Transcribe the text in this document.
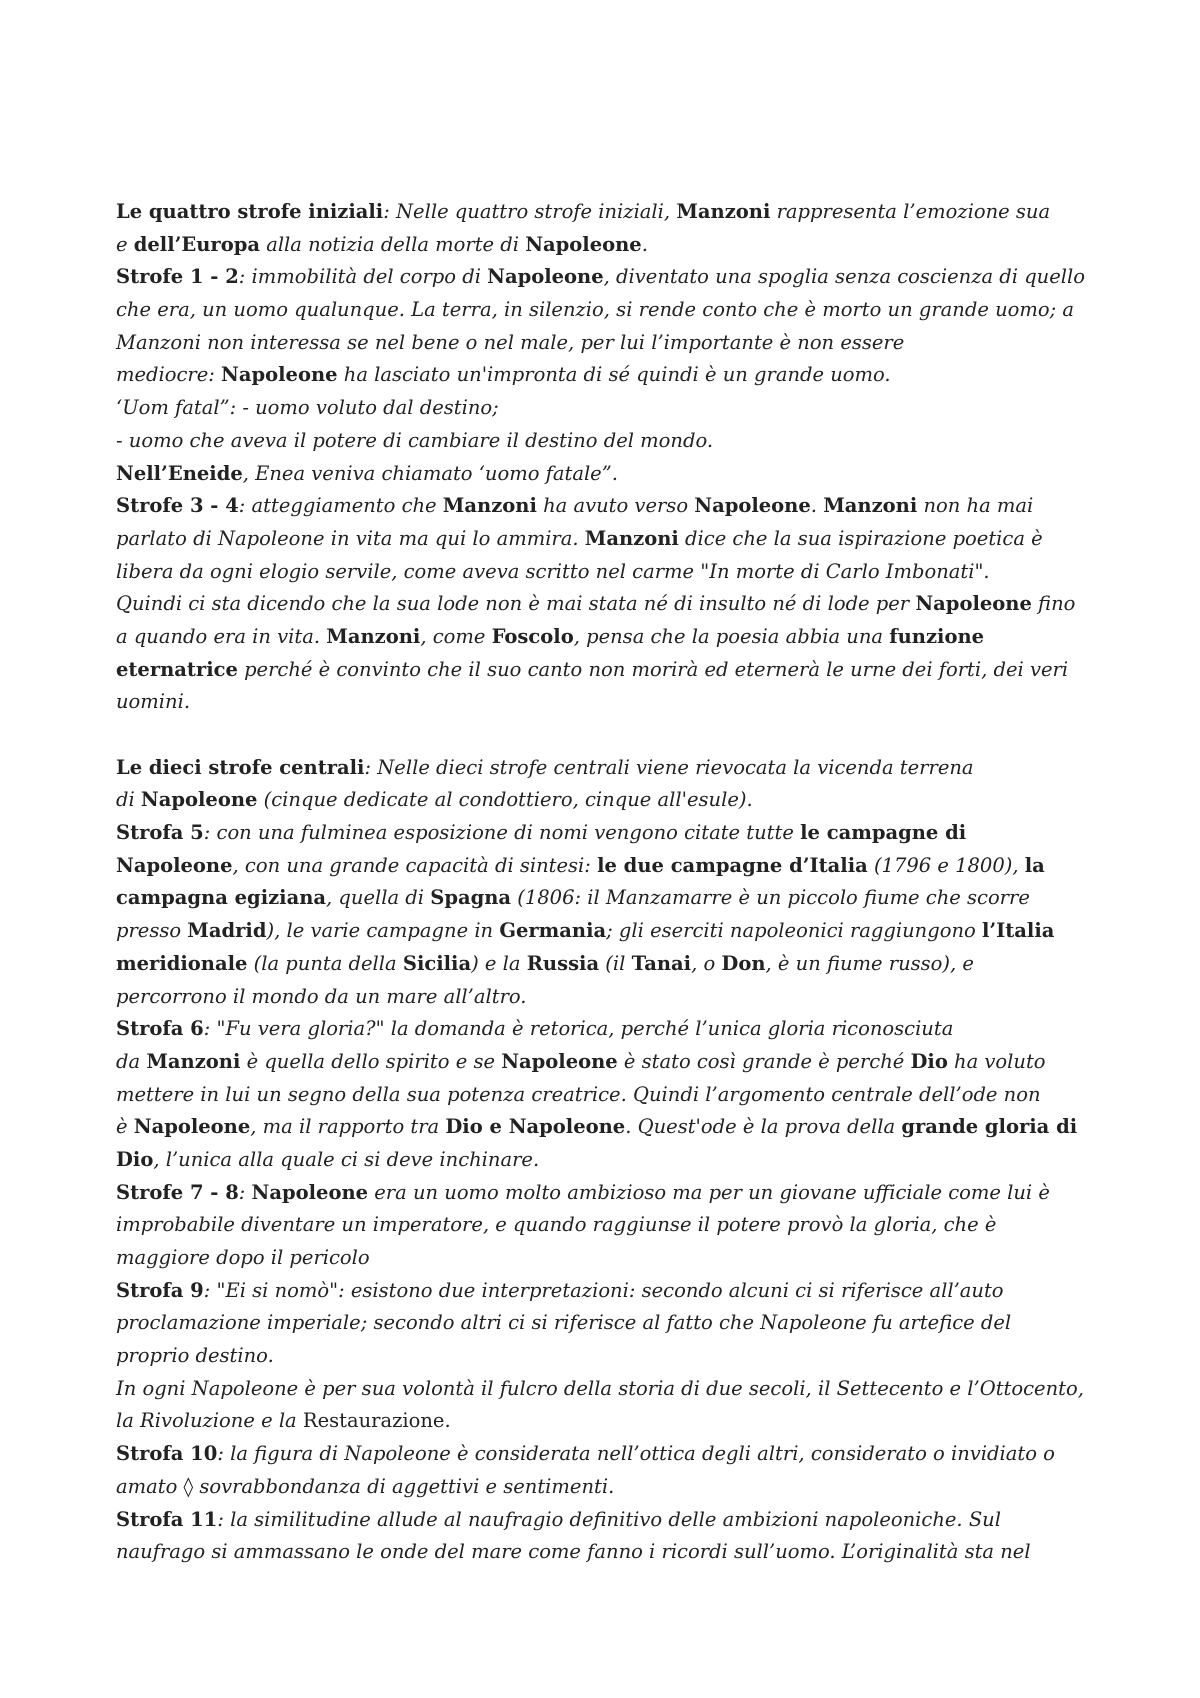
Le quattro strofe iniziali: Nelle quattro strofe iniziali, Manzoni rappresenta l’emozione sua
e dell’Europa alla notizia della morte di Napoleone.
Strofe 1 - 2: immobilità del corpo di Napoleone, diventato una spoglia senza coscienza di quello
che era, un uomo qualunque. La terra, in silenzio, si rende conto che è morto un grande uomo; a
Manzoni non interessa se nel bene o nel male, per lui l’importante è non essere
mediocre: Napoleone ha lasciato un'impronta di sé quindi è un grande uomo.
‘Uom fatal”: - uomo voluto dal destino;
- uomo che aveva il potere di cambiare il destino del mondo.
Nell’Eneide, Enea veniva chiamato ‘uomo fatale”.
Strofe 3 - 4: atteggiamento che Manzoni ha avuto verso Napoleone. Manzoni non ha mai
parlato di Napoleone in vita ma qui lo ammira. Manzoni dice che la sua ispirazione poetica è
libera da ogni elogio servile, come aveva scritto nel carme "In morte di Carlo Imbonati".
Quindi ci sta dicendo che la sua lode non è mai stata né di insulto né di lode per Napoleone fino
a quando era in vita. Manzoni, come Foscolo, pensa che la poesia abbia una funzione
eternatrice perché è convinto che il suo canto non morirà ed eternerà le urne dei forti, dei veri
uomini.
Le dieci strofe centrali: Nelle dieci strofe centrali viene rievocata la vicenda terrena
di Napoleone (cinque dedicate al condottiero, cinque all'esule).
Strofa 5: con una fulminea esposizione di nomi vengono citate tutte le campagne di
Napoleone, con una grande capacità di sintesi: le due campagne d’Italia (1796 e 1800), la
campagna egiziana, quella di Spagna (1806: il Manzamarre è un piccolo fiume che scorre
presso Madrid), le varie campagne in Germania; gli eserciti napoleonici raggiungono l’Italia
meridionale (la punta della Sicilia) e la Russia (il Tanai, o Don, è un fiume russo), e
percorrono il mondo da un mare all’altro.
Strofa 6: "Fu vera gloria?" la domanda è retorica, perché l’unica gloria riconosciuta
da Manzoni è quella dello spirito e se Napoleone è stato così grande è perché Dio ha voluto
mettere in lui un segno della sua potenza creatrice. Quindi l’argomento centrale dell’ode non
è Napoleone, ma il rapporto tra Dio e Napoleone. Quest'ode è la prova della grande gloria di
Dio, l’unica alla quale ci si deve inchinare.
Strofe 7 - 8: Napoleone era un uomo molto ambizioso ma per un giovane ufficiale come lui è
improbabile diventare un imperatore, e quando raggiunse il potere provò la gloria, che è
maggiore dopo il pericolo
Strofa 9: "Ei si nomò": esistono due interpretazioni: secondo alcuni ci si riferisce all’auto
proclamazione imperiale; secondo altri ci si riferisce al fatto che Napoleone fu artefice del
proprio destino.
In ogni Napoleone è per sua volontà il fulcro della storia di due secoli, il Settecento e l’Ottocento,
la Rivoluzione e la Restaurazione.
Strofa 10: la figura di Napoleone è considerata nell’ottica degli altri, considerato o invidiato o
amato ◊ sovrabbondanza di aggettivi e sentimenti.
Strofa 11: la similitudine allude al naufragio definitivo delle ambizioni napoleoniche. Sul
naufrago si ammassano le onde del mare come fanno i ricordi sull’uomo. L’originalità sta nel
